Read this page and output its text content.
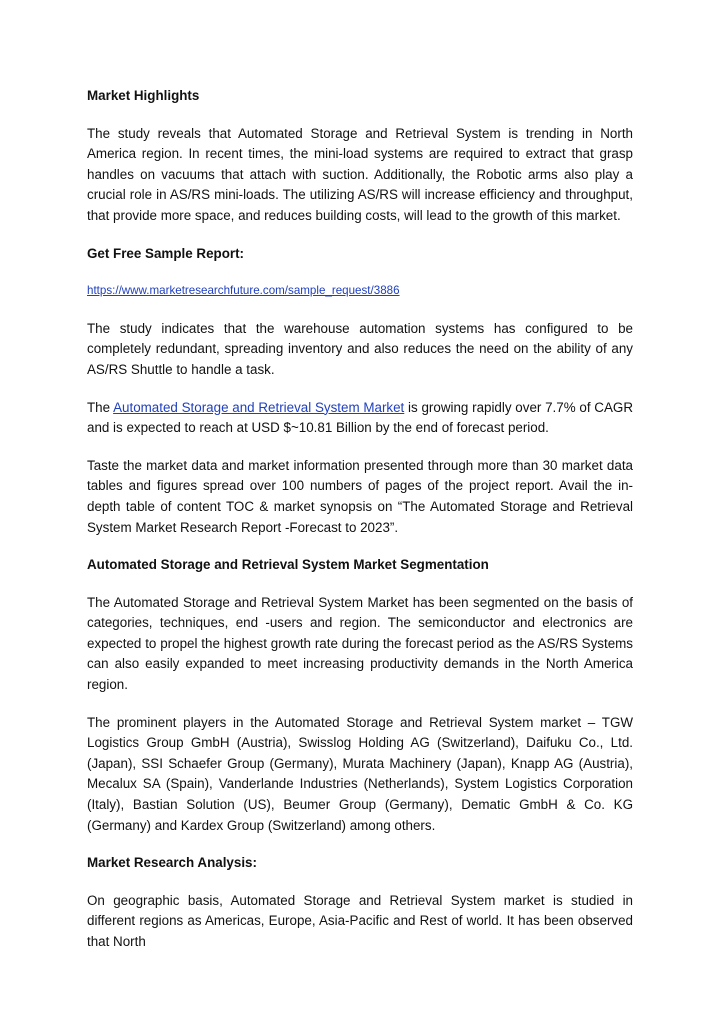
Market Highlights

The study reveals that Automated Storage and Retrieval System is trending in North America region. In recent times, the mini-load systems are required to extract that grasp handles on vacuums that attach with suction. Additionally, the Robotic arms also play a crucial role in AS/RS mini-loads. The utilizing AS/RS will increase efficiency and throughput, that provide more space, and reduces building costs, will lead to the growth of this market.

Get Free Sample Report:

https://www.marketresearchfuture.com/sample_request/3886

The study indicates that the warehouse automation systems has configured to be completely redundant, spreading inventory and also reduces the need on the ability of any AS/RS Shuttle to handle a task.

The Automated Storage and Retrieval System Market is growing rapidly over 7.7% of CAGR and is expected to reach at USD $~10.81 Billion by the end of forecast period.

Taste the market data and market information presented through more than 30 market data tables and figures spread over 100 numbers of pages of the project report. Avail the in-depth table of content TOC & market synopsis on “The Automated Storage and Retrieval System Market Research Report -Forecast to 2023”.

Automated Storage and Retrieval System Market Segmentation

The Automated Storage and Retrieval System Market has been segmented on the basis of categories, techniques, end -users and region. The semiconductor and electronics are expected to propel the highest growth rate during the forecast period as the AS/RS Systems can also easily expanded to meet increasing productivity demands in the North America region.

The prominent players in the Automated Storage and Retrieval System market – TGW Logistics Group GmbH (Austria), Swisslog Holding AG (Switzerland), Daifuku Co., Ltd. (Japan), SSI Schaefer Group (Germany), Murata Machinery (Japan), Knapp AG (Austria), Mecalux SA (Spain), Vanderlande Industries (Netherlands), System Logistics Corporation (Italy), Bastian Solution (US), Beumer Group (Germany), Dematic GmbH & Co. KG (Germany) and Kardex Group (Switzerland) among others.

Market Research Analysis:

On geographic basis, Automated Storage and Retrieval System market is studied in different regions as Americas, Europe, Asia-Pacific and Rest of world. It has been observed that North
